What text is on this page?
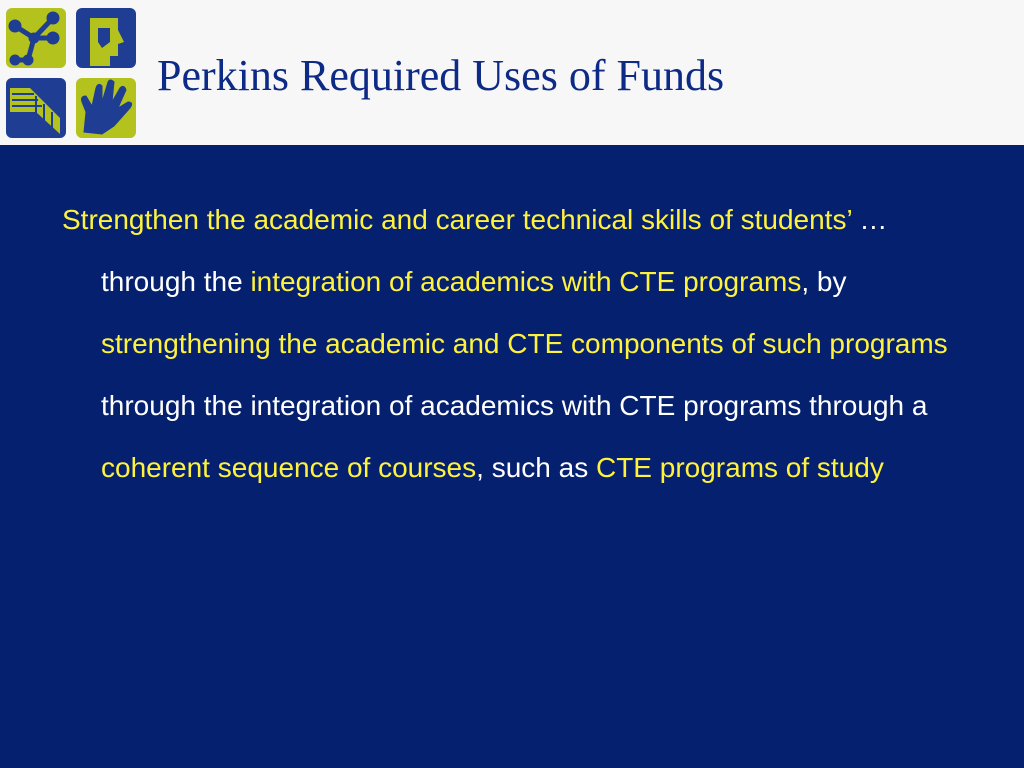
Perkins Required Uses of Funds

Strengthen the academic and career technical skills of students’ … through the integration of academics with CTE programs, by strengthening the academic and CTE components of such programs through the integration of academics with CTE programs through a coherent sequence of courses, such as CTE programs of study
